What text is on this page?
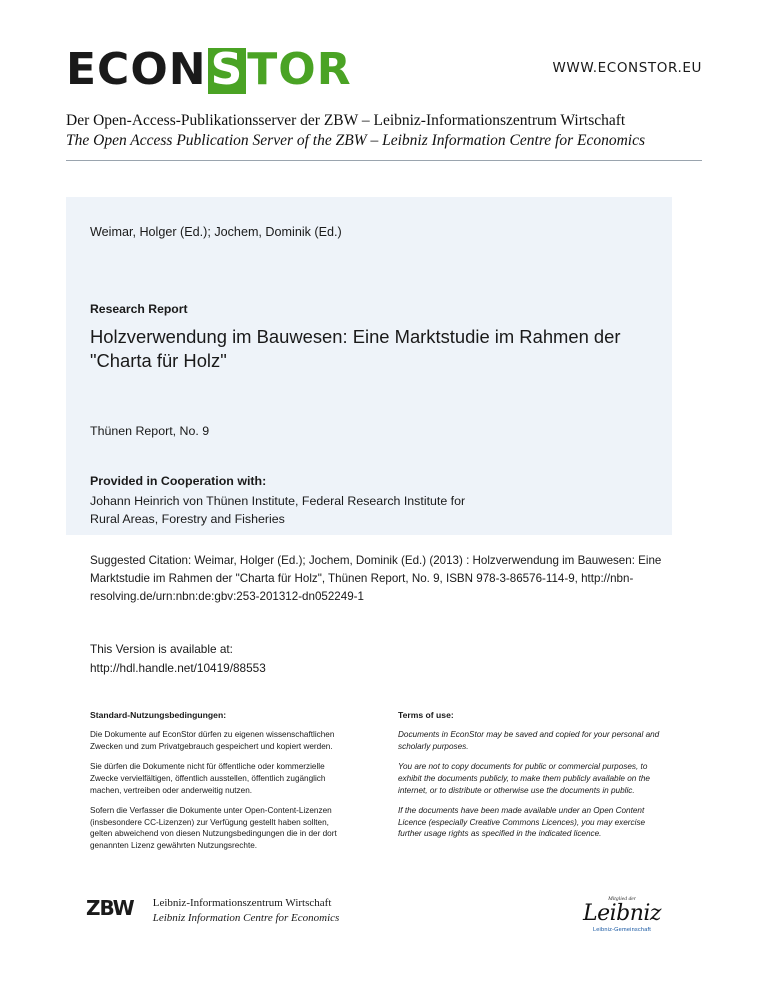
ECONSTOR	WWW.ECONSTOR.EU
Der Open-Access-Publikationsserver der ZBW – Leibniz-Informationszentrum Wirtschaft
The Open Access Publication Server of the ZBW – Leibniz Information Centre for Economics
Weimar, Holger (Ed.); Jochem, Dominik (Ed.)
Research Report
Holzverwendung im Bauwesen: Eine Marktstudie im Rahmen der "Charta für Holz"
Thünen Report, No. 9
Provided in Cooperation with:
Johann Heinrich von Thünen Institute, Federal Research Institute for
Rural Areas, Forestry and Fisheries
Suggested Citation: Weimar, Holger (Ed.); Jochem, Dominik (Ed.) (2013) : Holzverwendung im Bauwesen: Eine Marktstudie im Rahmen der "Charta für Holz", Thünen Report, No. 9, ISBN 978-3-86576-114-9, http://nbn-resolving.de/urn:nbn:de:gbv:253-201312-dn052249-1
This Version is available at:
http://hdl.handle.net/10419/88553
Standard-Nutzungsbedingungen:

Die Dokumente auf EconStor dürfen zu eigenen wissenschaftlichen Zwecken und zum Privatgebrauch gespeichert und kopiert werden.

Sie dürfen die Dokumente nicht für öffentliche oder kommerzielle Zwecke vervielfältigen, öffentlich ausstellen, öffentlich zugänglich machen, vertreiben oder anderweitig nutzen.

Sofern die Verfasser die Dokumente unter Open-Content-Lizenzen (insbesondere CC-Lizenzen) zur Verfügung gestellt haben sollten, gelten abweichend von diesen Nutzungsbedingungen die in der dort genannten Lizenz gewährten Nutzungsrechte.

Terms of use:

Documents in EconStor may be saved and copied for your personal and scholarly purposes.

You are not to copy documents for public or commercial purposes, to exhibit the documents publicly, to make them publicly available on the internet, or to distribute or otherwise use the documents in public.

If the documents have been made available under an Open Content Licence (especially Creative Commons Licences), you may exercise further usage rights as specified in the indicated licence.

ZBW Leibniz-Informationszentrum Wirtschaft
Leibniz Information Centre for Economics
Mitglied der
Leibniz
Leibniz-Gemeinschaft
